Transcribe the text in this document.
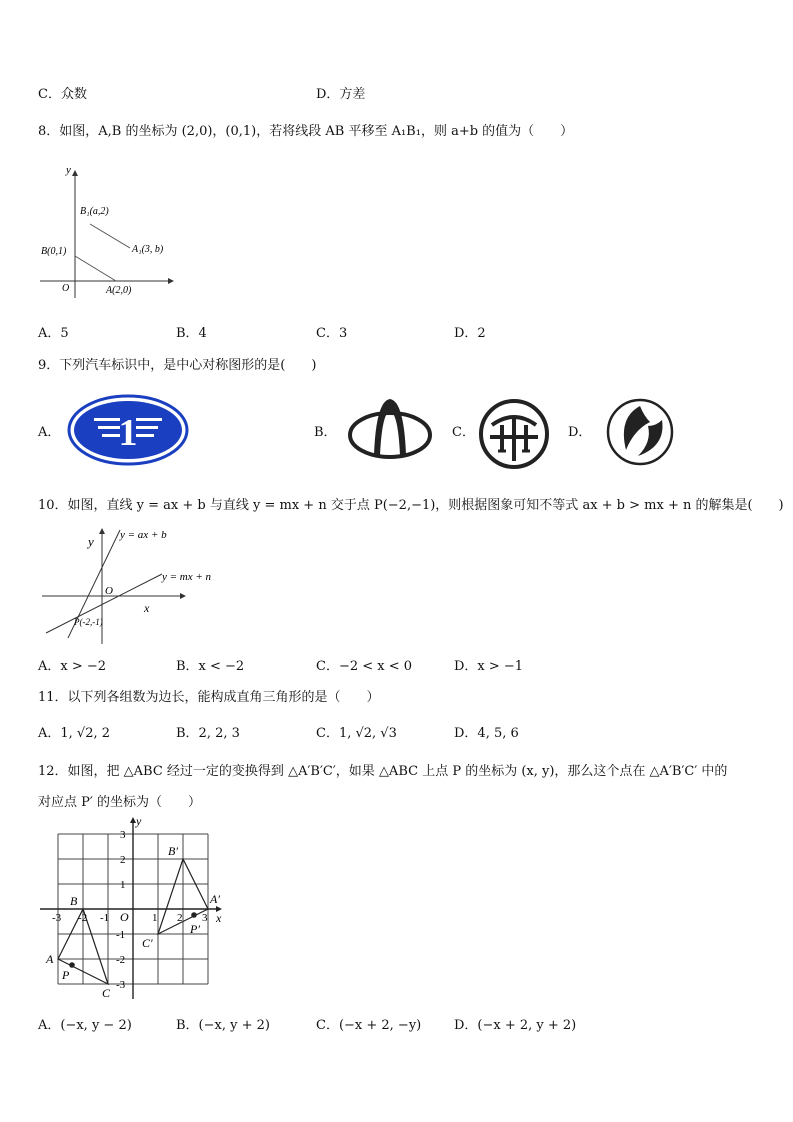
C．众数	D．方差
8．如图，A,B 的坐标为 (2,0)，(0,1)，若将线段 AB 平移至 A₁B₁，则 a+b 的值为（　　）
y
O
B₁(a,2)
A₁(3, b)
B(0,1)
A(2,0)
A．5	B．4	C．3	D．2
9．下列汽车标识中，是中心对称图形的是(　　)
A． 1	B．	C．	D．
10．如图，直线 y = ax + b 与直线 y = mx + n 交于点 P(−2,−1)，则根据图象可知不等式 ax + b > mx + n 的解集是(　　)
y = ax + b
y = mx + n
y
x
O
P(-2,-1)
A．x > −2	B．x < −2	C．−2 < x < 0	D．x > −1
11．以下列各组数为边长，能构成直角三角形的是（　　）
A．1, √2, 2	B．2, 2, 3	C．1, √2, √3	D．4, 5, 6
12．如图，把 △ABC 经过一定的变换得到 △A′B′C′，如果 △ABC 上点 P 的坐标为 (x, y)，那么这个点在 △A′B′C′ 中的
对应点 P′ 的坐标为（　　）
y
x
O
-3 -2 -1	1 2 3
3
2
1
-1
-2
-3
A
B
C
P
A′
B′
C′
P′
A．(−x, y − 2)	B．(−x, y + 2)	C．(−x + 2, −y)	D．(−x + 2, y + 2)
